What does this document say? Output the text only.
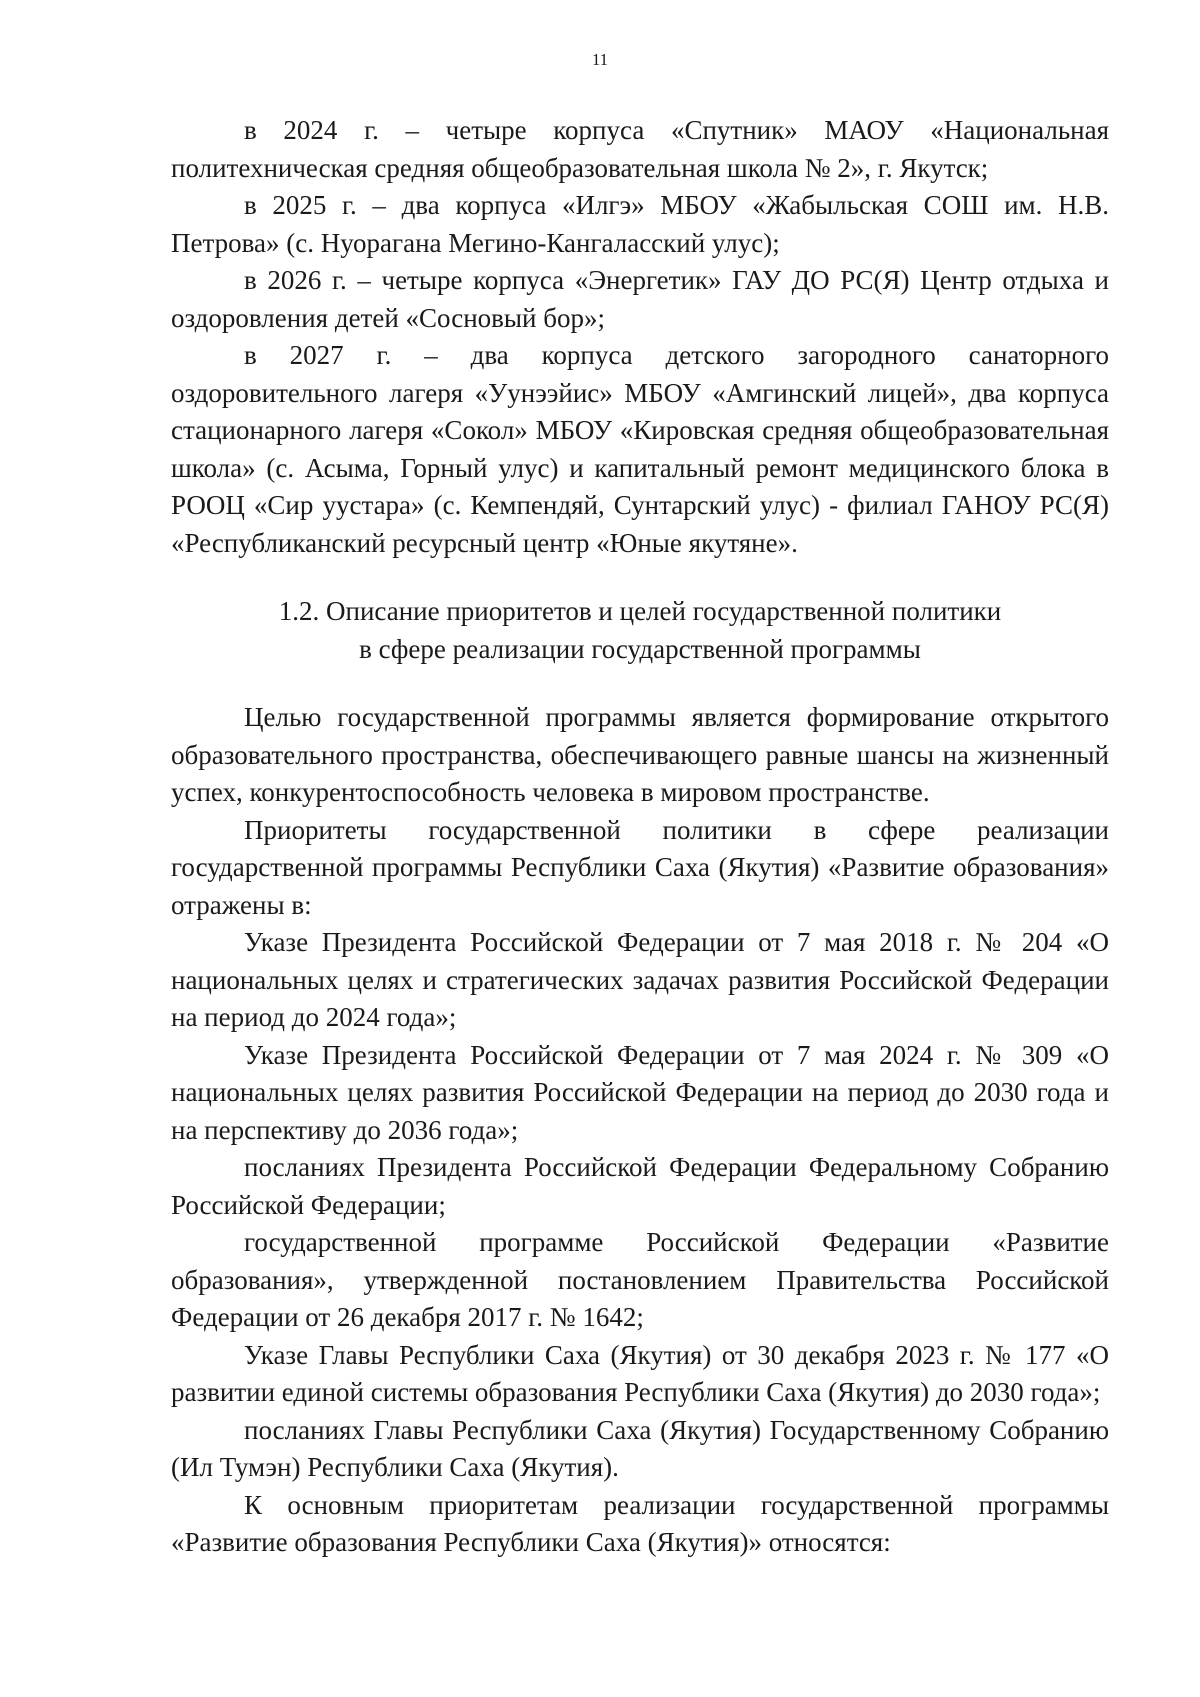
11

в 2024 г. – четыре корпуса «Спутник» МАОУ «Национальная политехническая средняя общеобразовательная школа № 2», г. Якутск;

в 2025 г. – два корпуса «Илгэ» МБОУ «Жабыльская СОШ им. Н.В. Петрова» (с. Нуорагана Мегино-Кангаласский улус);

в 2026 г. – четыре корпуса «Энергетик» ГАУ ДО РС(Я) Центр отдыха и оздоровления детей «Сосновый бор»;

в 2027 г. – два корпуса детского загородного санаторного оздоровительного лагеря «Уунээйис» МБОУ «Амгинский лицей», два корпуса стационарного лагеря «Сокол» МБОУ «Кировская средняя общеобразовательная школа» (с. Асыма, Горный улус) и капитальный ремонт медицинского блока в РООЦ «Сир уустара» (с. Кемпендяй, Сунтарский улус) - филиал ГАНОУ РС(Я) «Республиканский ресурсный центр «Юные якутяне».

1.2. Описание приоритетов и целей государственной политики
в сфере реализации государственной программы

Целью государственной программы является формирование открытого образовательного пространства, обеспечивающего равные шансы на жизненный успех, конкурентоспособность человека в мировом пространстве.

Приоритеты государственной политики в сфере реализации государственной программы Республики Саха (Якутия) «Развитие образования» отражены в:

Указе Президента Российской Федерации от 7 мая 2018 г. № 204 «О национальных целях и стратегических задачах развития Российской Федерации на период до 2024 года»;

Указе Президента Российской Федерации от 7 мая 2024 г. № 309 «О национальных целях развития Российской Федерации на период до 2030 года и на перспективу до 2036 года»;

посланиях Президента Российской Федерации Федеральному Собранию Российской Федерации;

государственной программе Российской Федерации «Развитие образования», утвержденной постановлением Правительства Российской Федерации от 26 декабря 2017 г. № 1642;

Указе Главы Республики Саха (Якутия) от 30 декабря 2023 г. № 177 «О развитии единой системы образования Республики Саха (Якутия) до 2030 года»;

посланиях Главы Республики Саха (Якутия) Государственному Собранию (Ил Тумэн) Республики Саха (Якутия).

К основным приоритетам реализации государственной программы «Развитие образования Республики Саха (Якутия)» относятся:
